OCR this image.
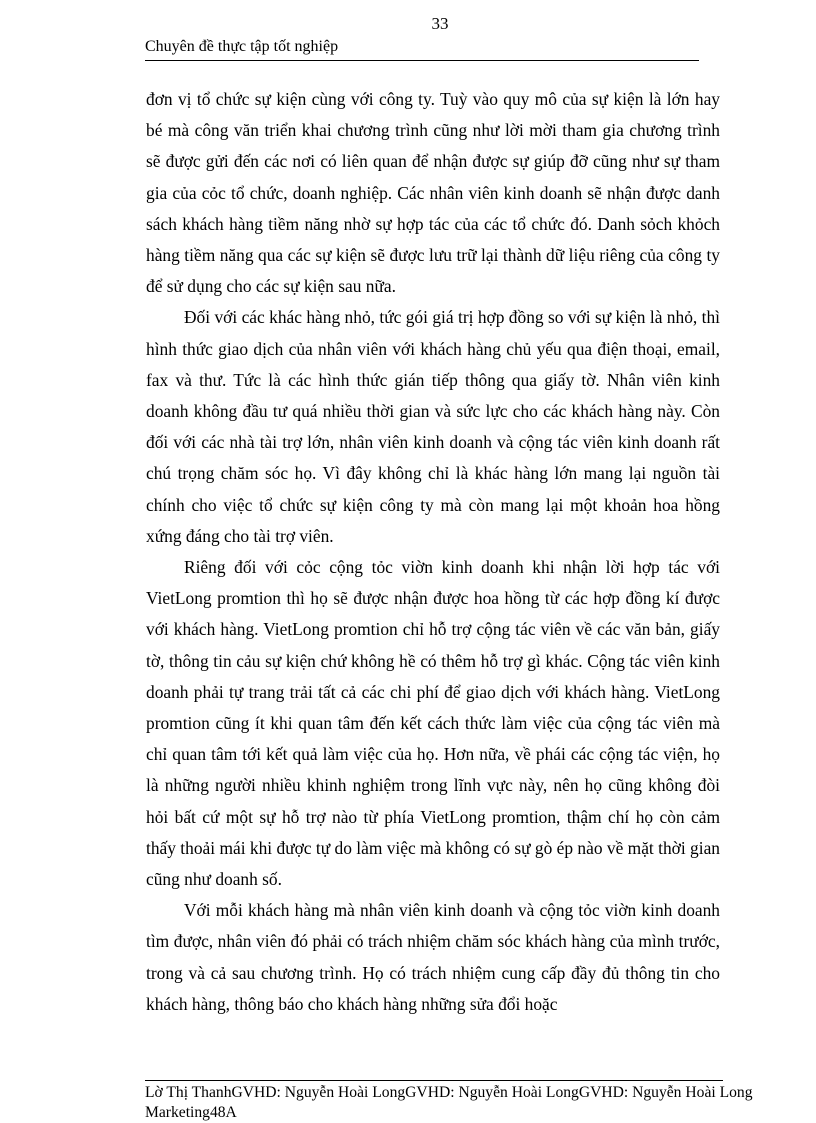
33
Chuyên đề thực tập tốt nghiệp

đơn vị tổ chức sự kiện cùng với công ty. Tuỳ vào quy mô của sự kiện là lớn hay bé mà công văn triển khai chương trình cũng như lời mời tham gia chương trình sẽ được gửi đến các nơi có liên quan để nhận được sự giúp đỡ cũng như sự tham gia của cỏc tổ chức, doanh nghiệp. Các nhân viên kinh doanh sẽ nhận được danh sách khách hàng tiềm năng nhờ sự hợp tác của các tổ chức đó. Danh sỏch khỏch hàng tiềm năng qua các sự kiện sẽ được lưu trữ lại thành dữ liệu riêng của công ty để sử dụng cho các sự kiện sau nữa.

Đối với các khác hàng nhỏ, tức gói giá trị hợp đồng so với sự kiện là nhỏ, thì hình thức giao dịch của nhân viên với khách hàng chủ yếu qua điện thoại, email, fax và thư. Tức là các hình thức gián tiếp thông qua giấy tờ. Nhân viên kinh doanh không đầu tư quá nhiều thời gian và sức lực cho các khách hàng này. Còn đối với các nhà tài trợ lớn, nhân viên kinh doanh và cộng tác viên kinh doanh rất chú trọng chăm sóc họ. Vì đây không chỉ là khác hàng lớn mang lại nguồn tài chính cho việc tổ chức sự kiện công ty mà còn mang lại một khoản hoa hồng xứng đáng cho tài trợ viên.

Riêng đối với cỏc cộng tỏc viờn kinh doanh khi nhận lời hợp tác với VietLong promtion thì họ sẽ được nhận được hoa hồng từ các hợp đồng kí được với khách hàng. VietLong promtion chỉ hỗ trợ cộng tác viên về các văn bản, giấy tờ, thông tin cảu sự kiện chứ không hề có thêm hỗ trợ gì khác. Cộng tác viên kinh doanh phải tự trang trải tất cả các chi phí để giao dịch với khách hàng. VietLong promtion cũng ít khi quan tâm đến kết cách thức làm việc của cộng tác viên mà chỉ quan tâm tới kết quả làm việc của họ. Hơn nữa, về phái các cộng tác viện, họ là những người nhiều khinh nghiệm trong lĩnh vực này, nên họ cũng không đòi hỏi bất cứ một sự hỗ trợ nào từ phía VietLong promtion, thậm chí họ còn cảm thấy thoải mái khi được tự do làm việc mà không có sự gò ép nào về mặt thời gian cũng như doanh số.

Với mỗi khách hàng mà nhân viên kinh doanh và cộng tỏc viờn kinh doanh tìm được, nhân viên đó phải có trách nhiệm chăm sóc khách hàng của mình trước, trong và cả sau chương trình. Họ có trách nhiệm cung cấp đầy đủ thông tin cho khách hàng, thông báo cho khách hàng những sửa đổi hoặc

Lờ Thị ThanhGVHD: Nguyễn Hoài LongGVHD: Nguyễn Hoài LongGVHD: Nguyễn Hoài Long
Marketing48A
